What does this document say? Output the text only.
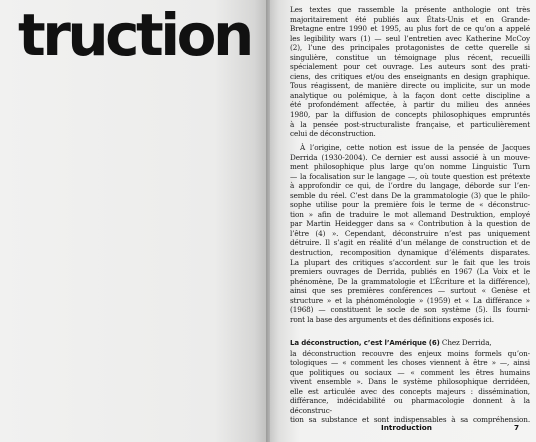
truction	Les textes que rassemble la présente anthologie ont très
majoritairement été publiés aux États-Unis et en Grande-
Bretagne entre 1990 et 1995, au plus fort de ce qu’on a appelé
les legibility wars (1) — seul l’entretien avec Katherine McCoy
(2), l’une des principales protagonistes de cette querelle si
singulière, constitue un témoignage plus récent, recueilli
spécialement pour cet ouvrage. Les auteurs sont des prati-
ciens, des critiques et/ou des enseignants en design graphique.
Tous réagissent, de manière directe ou implicite, sur un mode
analytique ou polémique, à la façon dont cette discipline a
été profondément affectée, à partir du milieu des années
1980, par la diffusion de concepts philosophiques empruntés
à la pensée post-structuraliste française, et particulièrement
celui de déconstruction.
À l’origine, cette notion est issue de la pensée de Jacques
Derrida (1930-2004). Ce dernier est aussi associé à un mouve-
ment philosophique plus large qu’on nomme Linguistic Turn
— la focalisation sur le langage —, où toute question est prétexte
à approfondir ce qui, de l’ordre du langage, déborde sur l’en-
semble du réel. C’est dans De la grammatologie (3) que le philo-
sophe utilise pour la première fois le terme de « déconstruc-
tion » afin de traduire le mot allemand Destruktion, employé
par Martin Heidegger dans sa « Contribution à la question de
l’être (4) ». Cependant, déconstruire n’est pas uniquement
détruire. Il s’agit en réalité d’un mélange de construction et de
destruction, recomposition dynamique d’éléments disparates.
La plupart des critiques s’accordent sur le fait que les trois
premiers ouvrages de Derrida, publiés en 1967 (La Voix et le
phénomène, De la grammatologie et L’Écriture et la différence),
ainsi que ses premières conférences — surtout « Genèse et
structure » et la phénoménologie » (1959) et « La différance »
(1968) — constituent le socle de son système (5). Ils fourni-
ront la base des arguments et des définitions exposés ici.
La déconstruction, c’est l’Amérique (6) Chez Derrida,
la déconstruction recouvre des enjeux moins formels qu’on-
tologiques — « comment les choses viennent à être » —, ainsi
que politiques ou sociaux — « comment les êtres humains
vivent ensemble ». Dans le système philosophique derridéen,
elle est articulée avec des concepts majeurs : dissémination,
différance, indécidabilité ou pharmacologie donnent à la déconstruc-
tion sa substance et sont indispensables à sa compréhension.
Introduction	7
